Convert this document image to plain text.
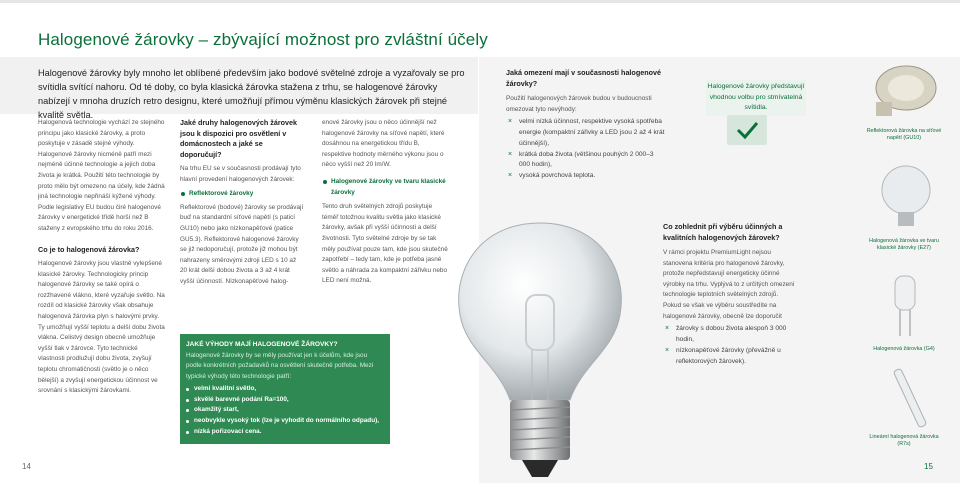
Halogenové žárovky – zbývající možnost pro zvláštní účely
Halogenové žárovky byly mnoho let oblíbené především jako bodové světelné zdroje a vyzařovaly se pro svítidla svítící nahoru. Od té doby, co byla klasická žárovka stažena z trhu, se halogenové žárovky nabízejí v mnoha druzích retro designu, které umožňují přímou výměnu klasických žárovek při stejné kvalitě světla.

Halogenová technologie vychází ze stejného principu jako klasické žárovky, a proto poskytuje v zásadě stejné výhody. Halogenové žárovky nicméně patří mezi nejméně účinné technologie a jejich doba života je krátká. Použití této technologie by proto mělo být omezeno na účely, kde žádná jiná technologie nepřináší kýžené výhody. Podle legislativy EU budou čiré halogenové žárovky v energetické třídě horší než B staženy z evropského trhu do roku 2016.

Co je to halogenová žárovka?

Halogenové žárovky jsou vlastně vylepšené klasické žárovky. Technologicky princip halogenové žárovky se také opírá o rozžhavené vlákno, které vyzařuje světlo. Na rozdíl od klasické žárovky však obsahuje halogenová žárovka plyn s halovými prvky. Ty umožňují vyšší teplotu a delší dobu života vlákna. Celistvý design obecně umožňuje vyšší tlak v žárovce. Tyto technické vlastnosti prodlužují dobu života, zvyšují teplotu chromatičnosti (světlo je o něco bělejší) a zvyšují energetickou účinnost ve srovnání s klasickými žárovkami.

Jaké druhy halogenových žárovek jsou k dispozici pro osvětlení v domácnostech a jaké se doporučují?

Na trhu EU se v současnosti prodávají tyto hlavní provedení halogenových žárovek:

Reflektorové žárovky

Reflektorové (bodové) žárovky se prodávají buď na standardní síťové napětí (s paticí GU10) nebo jako nízkonapěťové (patice GU5.3). Reflektorové halogenové žárovky se již nedoporučují, protože již mohou být nahrazeny směrovými zdroji LED s 10 až 20 krát delší dobou života a 3 až 4 krát vyšší účinností. Nízkonapěťové halog-

enové žárovky jsou o něco účinnější než halogenové žárovky na síťové napětí, které dosáhnou na energetickou třídu B, respektive hodnoty měrného výkonu jsou o něco vyšší než 20 lm/W.

Halogenové žárovky ve tvaru klasické žárovky

Tento druh světelných zdrojů poskytuje téměř totožnou kvalitu světla jako klasické žárovky, avšak při vyšší účinnosti a delší životnosti. Tyto světelné zdroje by se tak měly používat pouze tam, kde jsou skutečně zapotřebí – tedy tam, kde je potřeba jasné světlo a náhrada za kompaktní zářivku nebo LED není možná.

JAKÉ VÝHODY MAJÍ HALOGENOVÉ ŽÁROVKY?
Halogenové žárovky by se měly používat jen k účelům, kde jsou podle konkrétních požadavků na osvětlení skutečně potřeba. Mezi typické výhody této technologie patří:
velmi kvalitní světlo,
skvělé barevné podání Ra=100,
okamžitý start,
neobvykle vysoký tok (lze je vyhodit do normálního odpadu),
nízká pořizovací cena.

Jaká omezení mají v současnosti halogenové žárovky?

Použití halogenových žárovek budou v budoucnosti omezovat tyto nevýhody:

× velmi nízká účinnost, respektive vysoká spotřeba energie (kompaktní zářivky a LED jsou 2 až 4 krát účinnější),
× krátká doba života (většinou pouhých 2 000–3 000 hodin),
× vysoká povrchová teplota.

Co zohlednit při výběru účinných a kvalitních halogenových žárovek?

V rámci projektu PremiumLight nejsou stanovena kritéria pro halogenové žárovky, protože nepředstavují energeticky účinné výrobky na trhu. Vyplývá to z určitých omezení technologie teplotních světelných zdrojů. Pokud se však ve výběru soustředíte na halogenové žárovky, obecně lze doporučit

× žárovky s dobou života alespoň 3 000 hodin,
× nízkonapěťové žárovky (převážně u reflektorových žárovek).
Halogenové žárovky představují vhodnou volbu pro stmívatelná svítidla.
Reflektorová žárovka na síťové napětí (GU10)
Halogenová žárovka ve tvaru klasické žárovky (E27)
Halogenová žárovka (G4)
Lineární halogenová žárovka (R7s)
14	15
